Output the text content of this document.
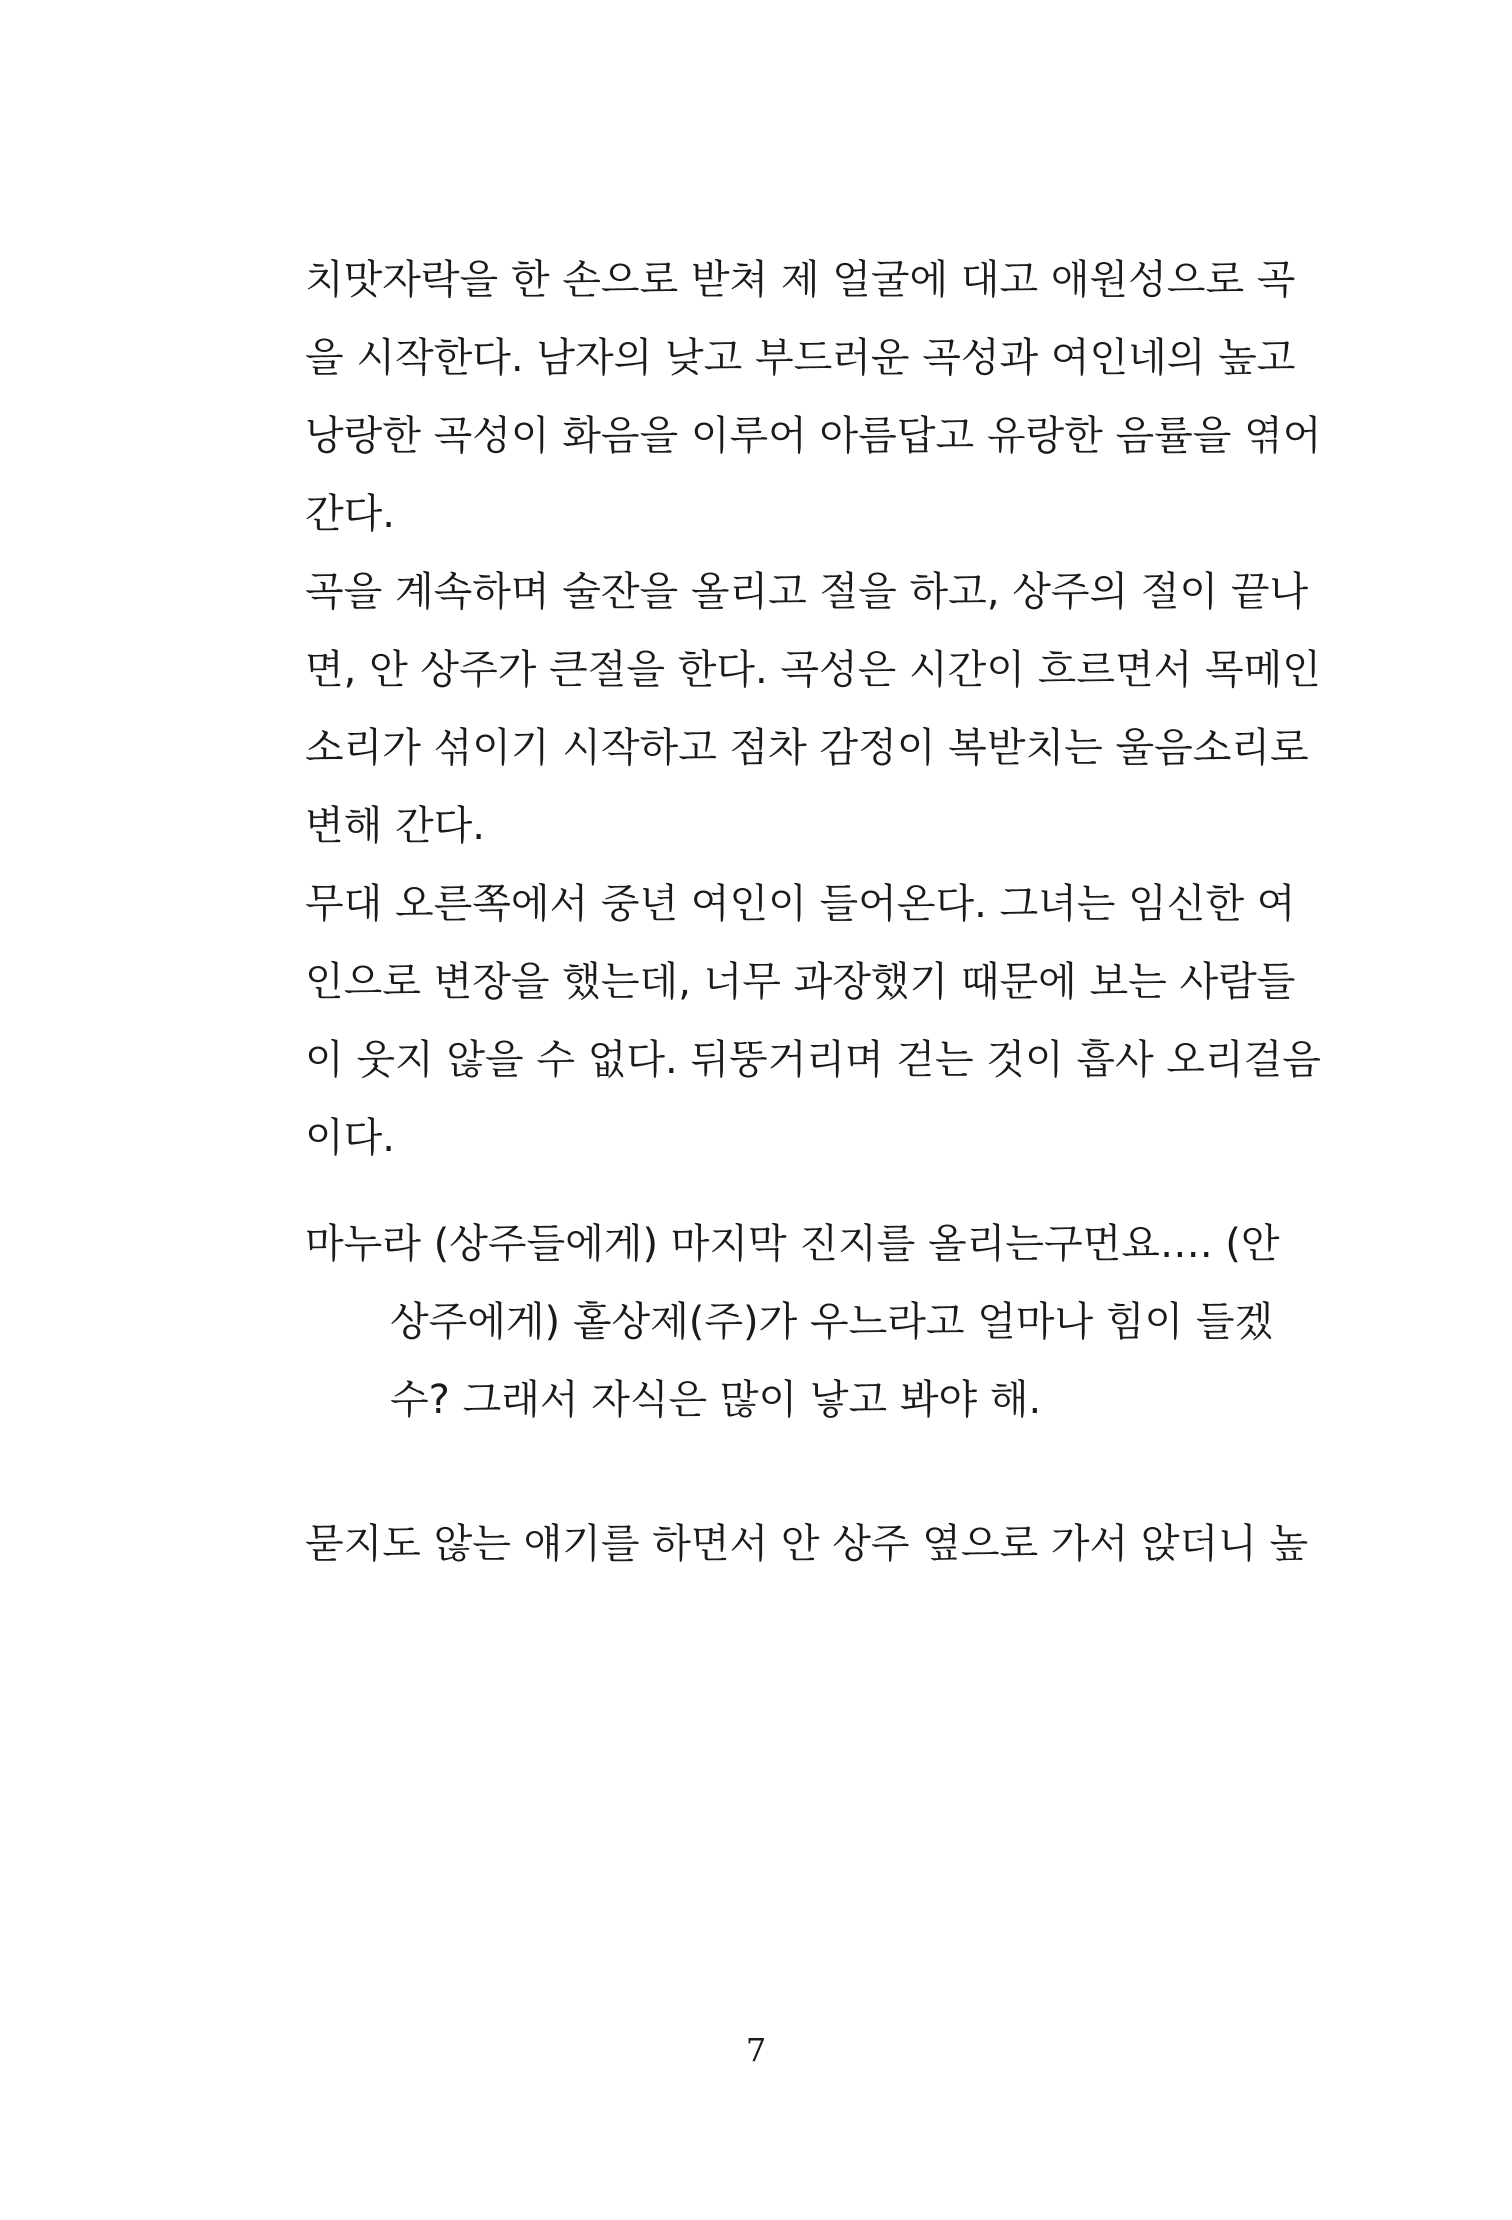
치맛자락을 한 손으로 받쳐 제 얼굴에 대고 애원성으로 곡
을 시작한다. 남자의 낮고 부드러운 곡성과 여인네의 높고
낭랑한 곡성이 화음을 이루어 아름답고 유랑한 음률을 엮어
간다.
곡을 계속하며 술잔을 올리고 절을 하고, 상주의 절이 끝나
면, 안 상주가 큰절을 한다. 곡성은 시간이 흐르면서 목메인
소리가 섞이기 시작하고 점차 감정이 복받치는 울음소리로
변해 간다.
무대 오른쪽에서 중년 여인이 들어온다. 그녀는 임신한 여
인으로 변장을 했는데, 너무 과장했기 때문에 보는 사람들
이 웃지 않을 수 없다. 뒤뚱거리며 걷는 것이 흡사 오리걸음
이다.
마누라 (상주들에게) 마지막 진지를 올리는구먼요…. (안
상주에게) 홑상제(주)가 우느라고 얼마나 힘이 들겠
수? 그래서 자식은 많이 낳고 봐야 해.
묻지도 않는 얘기를 하면서 안 상주 옆으로 가서 앉더니 높
7
